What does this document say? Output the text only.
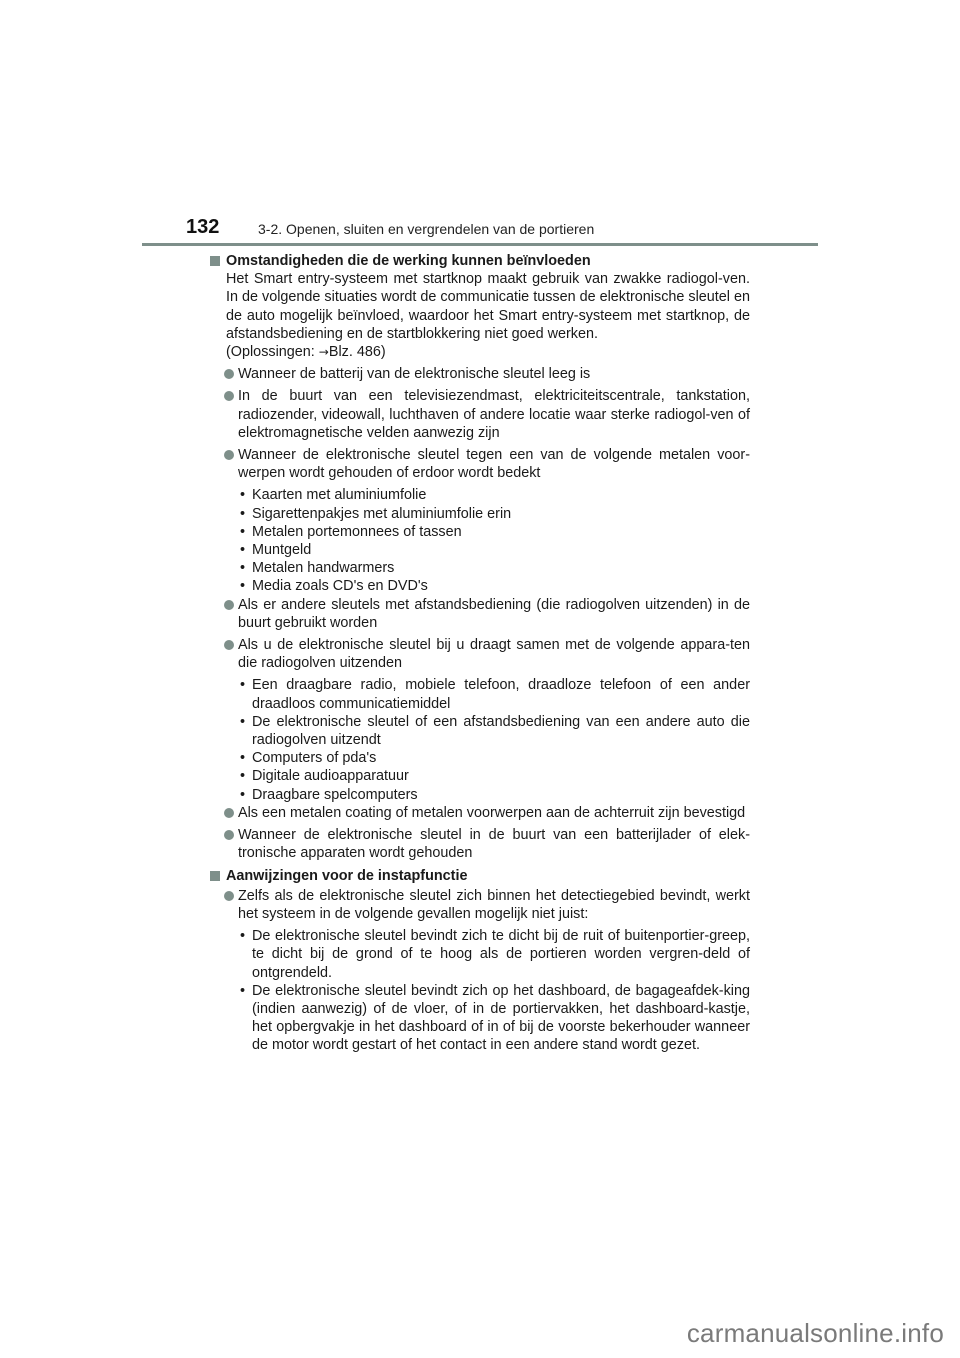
132	3-2. Openen, sluiten en vergrendelen van de portieren
Omstandigheden die de werking kunnen beïnvloeden

Het Smart entry-systeem met startknop maakt gebruik van zwakke radiogol-ven. In de volgende situaties wordt de communicatie tussen de elektronische sleutel en de auto mogelijk beïnvloed, waardoor het Smart entry-systeem met startknop, de afstandsbediening en de startblokkering niet goed werken.
(Oplossingen: →Blz. 486)

Wanneer de batterij van de elektronische sleutel leeg is
In de buurt van een televisiezendmast, elektriciteitscentrale, tankstation, radiozender, videowall, luchthaven of andere locatie waar sterke radiogol-ven of elektromagnetische velden aanwezig zijn
Wanneer de elektronische sleutel tegen een van de volgende metalen voor-werpen wordt gehouden of erdoor wordt bedekt
• Kaarten met aluminiumfolie
• Sigarettenpakjes met aluminiumfolie erin
• Metalen portemonnees of tassen
• Muntgeld
• Metalen handwarmers
• Media zoals CD's en DVD's
Als er andere sleutels met afstandsbediening (die radiogolven uitzenden) in de buurt gebruikt worden
Als u de elektronische sleutel bij u draagt samen met de volgende appara-ten die radiogolven uitzenden
• Een draagbare radio, mobiele telefoon, draadloze telefoon of een ander draadloos communicatiemiddel
• De elektronische sleutel of een afstandsbediening van een andere auto die radiogolven uitzendt
• Computers of pda's
• Digitale audioapparatuur
• Draagbare spelcomputers
Als een metalen coating of metalen voorwerpen aan de achterruit zijn bevestigd
Wanneer de elektronische sleutel in de buurt van een batterijlader of elek-tronische apparaten wordt gehouden
Aanwijzingen voor de instapfunctie
Zelfs als de elektronische sleutel zich binnen het detectiegebied bevindt, werkt het systeem in de volgende gevallen mogelijk niet juist:
• De elektronische sleutel bevindt zich te dicht bij de ruit of buitenportier-greep, te dicht bij de grond of te hoog als de portieren worden vergren-deld of ontgrendeld.
• De elektronische sleutel bevindt zich op het dashboard, de bagageafdek-king (indien aanwezig) of de vloer, of in de portiervakken, het dashboard-kastje, het opbergvakje in het dashboard of in of bij de voorste bekerhouder wanneer de motor wordt gestart of het contact in een andere stand wordt gezet.
carmanualsonline.info
